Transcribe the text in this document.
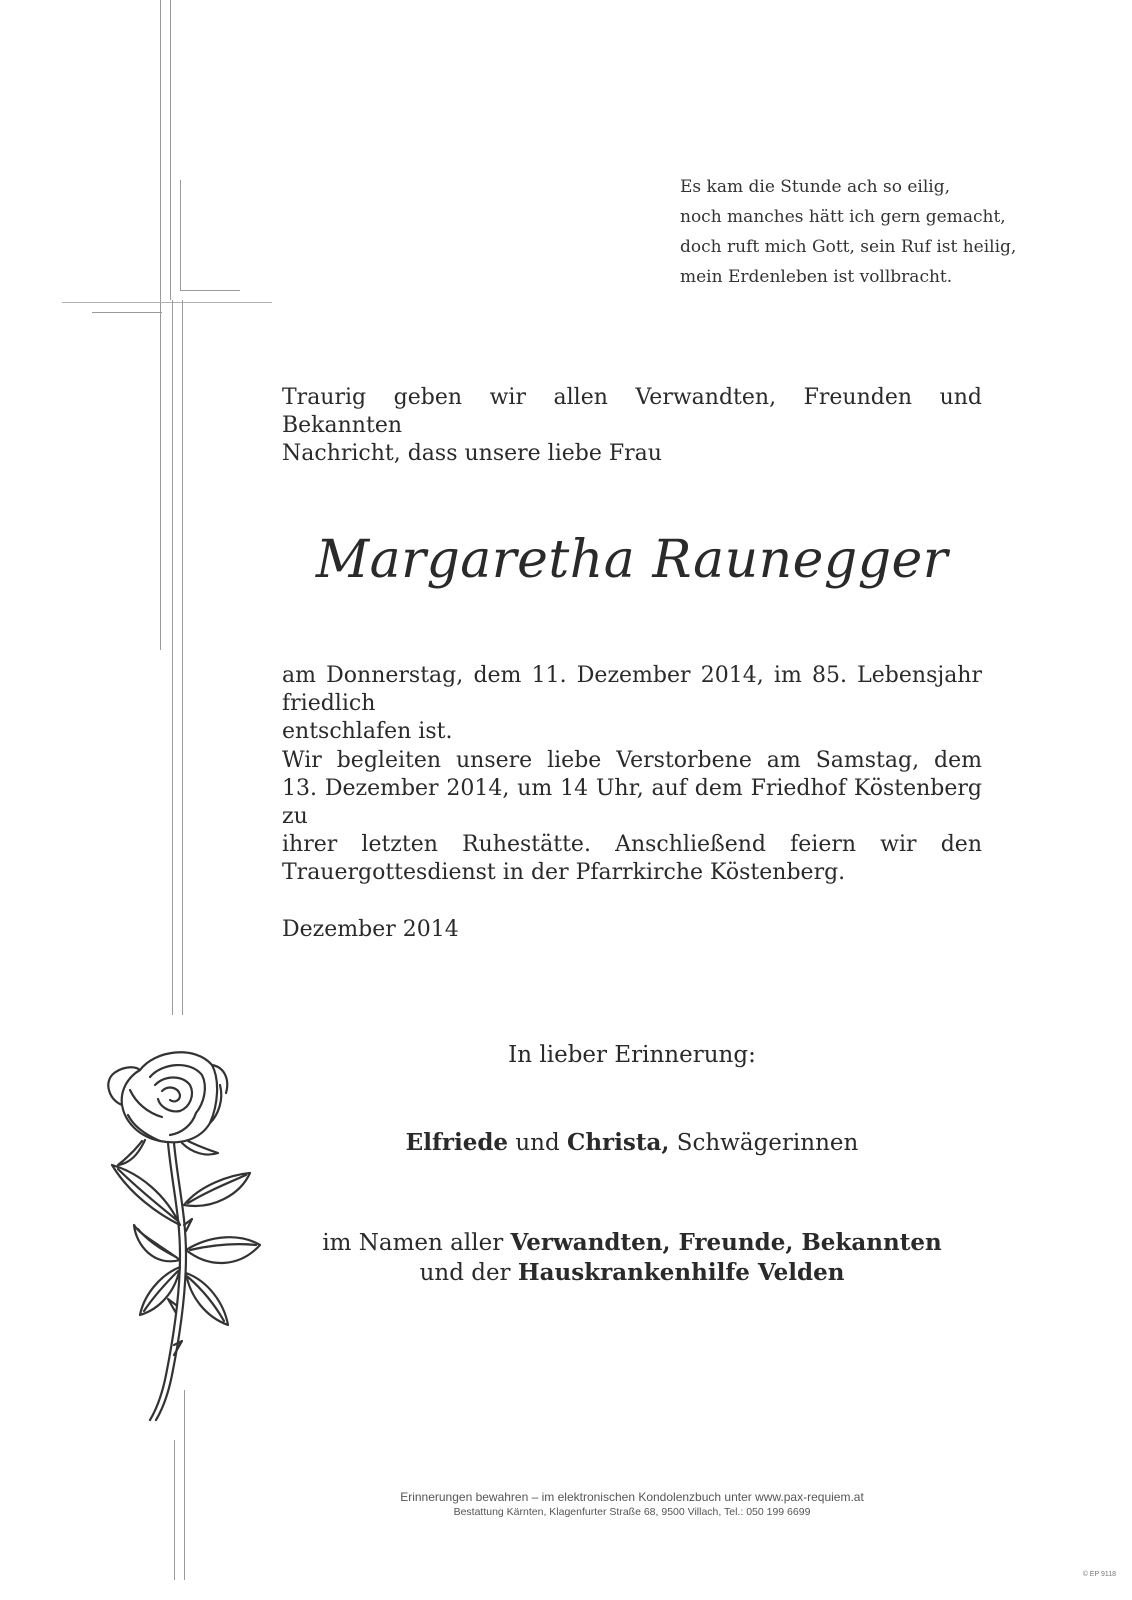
Es kam die Stunde ach so eilig,
noch manches hätt ich gern gemacht,
doch ruft mich Gott, sein Ruf ist heilig,
mein Erdenleben ist vollbracht.
Traurig geben wir allen Verwandten, Freunden und Bekannten
Nachricht, dass unsere liebe Frau
Margaretha Raunegger
am Donnerstag, dem 11. Dezember 2014, im 85. Lebensjahr friedlich
entschlafen ist.
Wir begleiten unsere liebe Verstorbene am Samstag, dem
13. Dezember 2014, um 14 Uhr, auf dem Friedhof Köstenberg zu
ihrer letzten Ruhestätte. Anschließend feiern wir den
Trauergottesdienst in der Pfarrkirche Köstenberg.
Dezember 2014
In lieber Erinnerung:
Elfriede und Christa, Schwägerinnen
im Namen aller Verwandten, Freunde, Bekannten
und der Hauskrankenhilfe Velden
Erinnerungen bewahren – im elektronischen Kondolenzbuch unter www.pax-requiem.at
Bestattung Kärnten, Klagenfurter Straße 68, 9500 Villach, Tel.: 050 199 6699
© EP 9118
